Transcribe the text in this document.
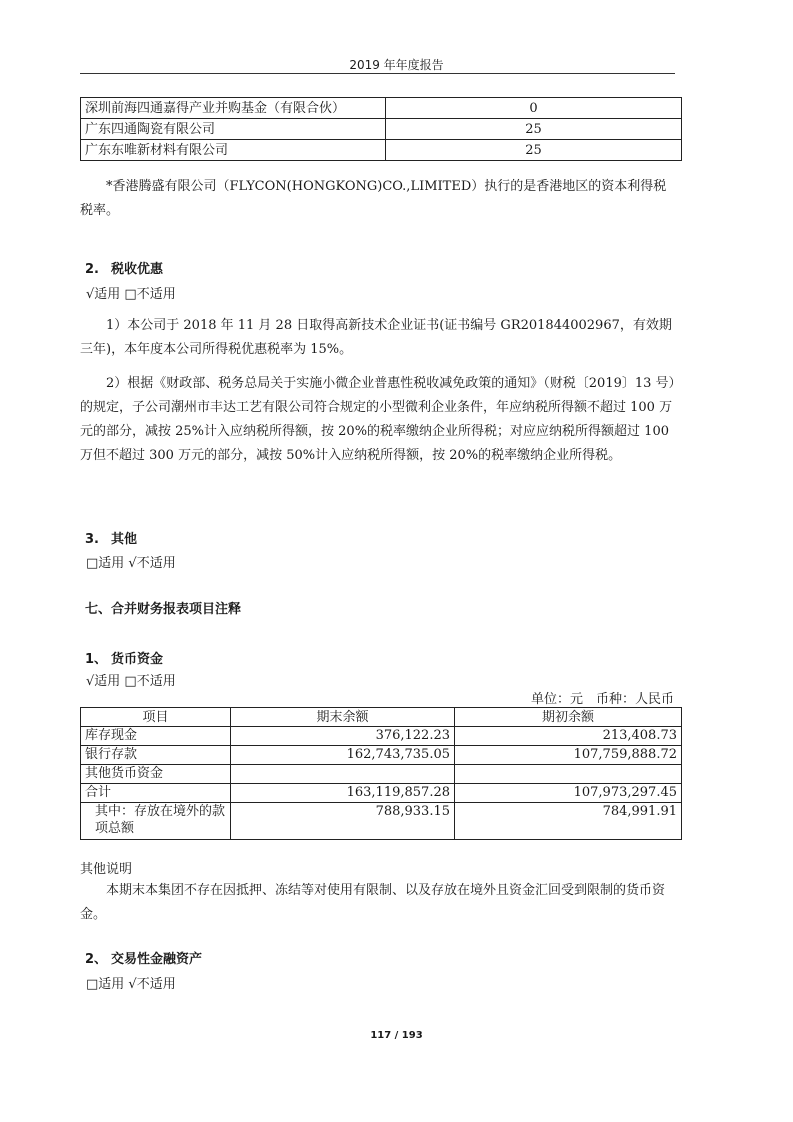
2019 年年度报告
深圳前海四通嘉得产业并购基金（有限合伙）	0
广东四通陶瓷有限公司	25
广东东唯新材料有限公司	25
*香港腾盛有限公司（FLYCON(HONGKONG)CO.,LIMITED）执行的是香港地区的资本利得税税率。
2. 税收优惠
√适用 □不适用
1）本公司于 2018 年 11 月 28 日取得高新技术企业证书(证书编号 GR201844002967，有效期三年)，本年度本公司所得税优惠税率为 15%。
2）根据《财政部、税务总局关于实施小微企业普惠性税收减免政策的通知》（财税〔2019〕13 号）的规定，子公司潮州市丰达工艺有限公司符合规定的小型微利企业条件，年应纳税所得额不超过 100 万元的部分，减按 25%计入应纳税所得额，按 20%的税率缴纳企业所得税；对应应纳税所得额超过 100 万但不超过 300 万元的部分，减按 50%计入应纳税所得额，按 20%的税率缴纳企业所得税。
3. 其他
□适用 √不适用
七、合并财务报表项目注释
1、 货币资金
√适用 □不适用
单位：元　币种：人民币
项目	期末余额	期初余额
库存现金	376,122.23	213,408.73
银行存款	162,743,735.05	107,759,888.72
其他货币资金		
合计	163,119,857.28	107,973,297.45
其中：存放在境外的款项总额	788,933.15	784,991.91
其他说明
本期末本集团不存在因抵押、冻结等对使用有限制、以及存放在境外且资金汇回受到限制的货币资金。
2、 交易性金融资产
□适用 √不适用
117 / 193
